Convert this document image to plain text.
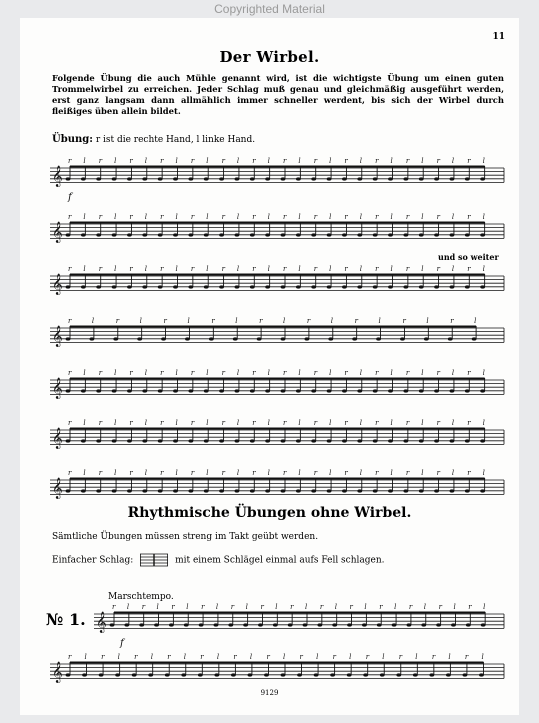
Copyrighted Material
11
Der Wirbel.
Folgende Übung die auch Mühle genannt wird, ist die wichtigste Übung um einen guten Trommelwirbel zu erreichen. Jeder Schlag muß genau und gleichmäßig ausgeführt werden, erst ganz langsam dann allmählich immer schneller werdent, bis sich der Wirbel durch fleißiges üben allein bildet.
Übung: r ist die rechte Hand, l linke Hand.
und so weiter
Rhythmische Übungen ohne Wirbel.
Sämtliche Übungen müssen streng im Takt geübt werden.
Einfacher Schlag:	mit einem Schlägel einmal aufs Fell schlagen.
Marschtempo.
№ 1.
9129
𝄞
r l r l r l r l r l r l r l r l r l r l r l r l r l r l
𝄞
r l r l r l r l r l r l r l r l r l r l r l r l r l r l
𝄞
r l r l r l r l r l r l r l r l r l r l r l r l r l r l
𝄞
r	l	r	l	r	l	r	l	r	l	r	l	r	l	r	l	r	l
𝄞
r l r l r l r l r l r l r l r l r l r l r l r l r l r l
𝄞
r l r l r l r l r l r l r l r l r l r l r l r l r l r l
𝄞
r l r l r l r l r l r l r l r l r l r l r l r l r l r l
𝄞
r l r l r l r l r l r l r l r l r l r l r l r l r l
𝄞
r l r l r l r l r l r l r l r l r l r l r l r l r l
f
f
